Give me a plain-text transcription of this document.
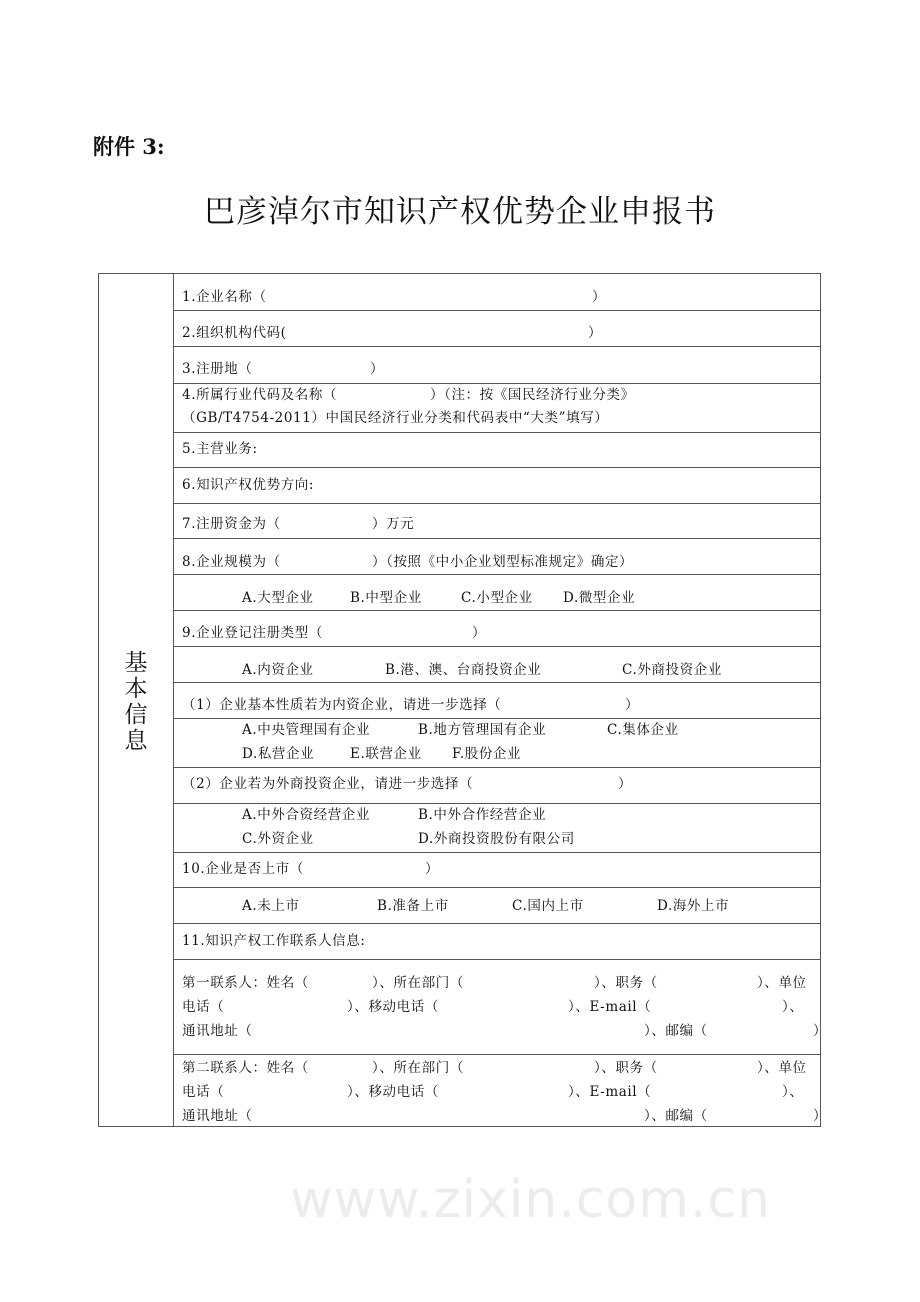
附件 3:
巴彦淖尔市知识产权优势企业申报书
基本信息
www.zixin.com.cn
1.企业名称（	）
2.组织机构代码(	）
3.注册地（	）
4.所属行业代码及名称（	）（注：按《国民经济行业分类》
（GB/T4754-2011）中国民经济行业分类和代码表中“大类”填写）
5.主营业务:
6.知识产权优势方向:
7.注册资金为（	）万元
8.企业规模为（	）（按照《中小企业划型标准规定》确定）
A.大型企业	B.中型企业	C.小型企业 D.微型企业
9.企业登记注册类型（	）
A.内资企业	B.港、澳、台商投资企业	C.外商投资企业
（1）企业基本性质若为内资企业，请进一步选择（	）
A.中央管理国有企业	B.地方管理国有企业	C.集体企业
D.私营企业	E.联营企业 F.股份企业
（2）企业若为外商投资企业，请进一步选择（	）
A.中外合资经营企业	B.中外合作经营企业
C.外资企业	D.外商投资股份有限公司
10.企业是否上市（	）
A.未上市	B.准备上市	C.国内上市	D.海外上市
11.知识产权工作联系人信息:
第一联系人：姓名（	）、所在部门（	）、职务（	）、单位
电话（	）、移动电话（	）、E-mail（	）、
通讯地址（	）、邮编（	）
第二联系人：姓名（	）、所在部门（	）、职务（	）、单位
电话（	）、移动电话（	）、E-mail（	）、
通讯地址（	）、邮编（	）
